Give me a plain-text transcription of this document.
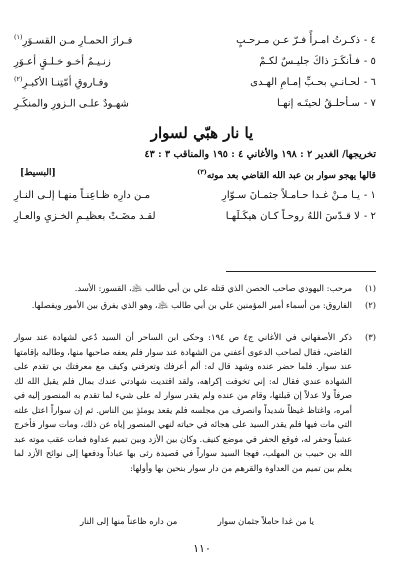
٤ -ذكـرتُ امـرأً فـرّ عـن مـرحـبٍ
فـرارَ الحمـارِ مـن القسـوَرِ$^{(١)}$
٥ -فـأنكَـرَ ذاكَ جليـسٌ لكـمْ
زنـيـمٌ أخـو خـلـقٍ أعـوَرِ
٦ -لحـانـي بحـبِّ إمـامِ الهـدى
وفـاروقِ أمّتِنـا الأكبـرِ$^{(٢)}$
٧ -سـأحلـقُ لحيتَـه إنهـا
شهـودٌ علـى الـزورِ والمنكَـرِ
يا نار هبّي لسوار
تخريجها/ الغدير ٢ : ١٩٨ والأغاني ٤ : ١٩٥ والمناقب ٣ : ٤٣
قالها يهجو سوار بن عبد الله القاضي بعد موته$^{(٣)}$
[البسيط]
١ -يـا مـنْ غـدا حـامـلاً جثمـانَ سـوّارِ
مـن دارِه ظـاعِنـاً منهـا إلـى النـارِ
٢ -لا قـدّسَ اللهُ روحـاً كـان هيكَـلَهـا
لقـد مضَـتْ بعظيـمِ الخـزيِ والعـارِ
(١)
مرحب: اليهودي صاحب الحصن الذي قتله علي بن أبي طالب ﵇، القسور: الأسد.
(٢)
الفاروق: من أسماء أمير المؤمنين علي بن أبي طالب ﵇، وهو الذي يفرق بين الأمور ويفصلها.
(٣)
ذكر الأصفهاني في الأغاني ج٤ ص ١٩٤: وحكى ابن الساحر أن السيد دُعي لشهادة عند سوار القاضي، فقال لصاحب الدعوى أعفني من الشهادة عند سوار فلم يعفه صاحبها منها، وطالبه بإقامتها عند سوار. فلما حضر عنده وشهد قال له: ألم أعرفك وتعرفني وكيف مع معرفتك بي تقدم على الشهادة عندي فقال له: إني تخوفت إكراهه، ولقد اقتديت شهادتي عندك بمال فلم يقبل الله لك صرفاً ولا عدلاً إن قبلتها، وقام من عنده ولم يقدر سوار له على شيء لما تقدم به المنصور إليه في أمره، واغتاظ غيظاً شديداً وانصرف من مجلسه فلم يقعد يومئذٍ بين الناس. ثم إن سواراً اعتل علته التي مات فيها فلم يقدر السيد على هجائه في حياته لنهي المنصور إياه عن ذلك، ومات سوار فأخرج عشياً وحفر له، فوقع الحفر في موضع كنيف. وكان بين الأزد وبين تميم عداوة فمات عقب موته عبد الله بن حبيب بن المهلب، فهجا السيد سواراً في قصيدة رثى بها عباداً ودفعها إلى نوائح الأزد لما يعلم بين تميم من العداوة والقرهم من دار سوار بنحين بها وأولها:
يا من غدا حاملاً جثمان سوار
من داره ظاعناً منها إلى النار
١١٠
